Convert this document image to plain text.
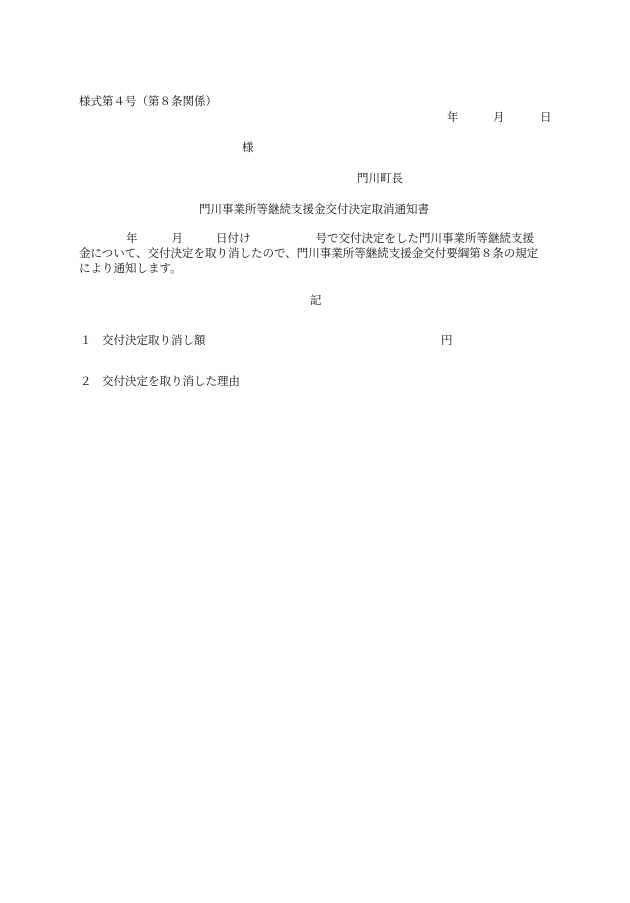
様式第４号（第８条関係）
年	月	日
様
門川町長
門川事業所等継続支援金交付決定取消通知書
年	月	日付け	号で交付決定をした門川事業所等継続支援
金について、交付決定を取り消したので、門川事業所等継続支援金交付要綱第８条の規定
により通知します。
記
１ 交付決定取り消し額	円
２ 交付決定を取り消した理由
